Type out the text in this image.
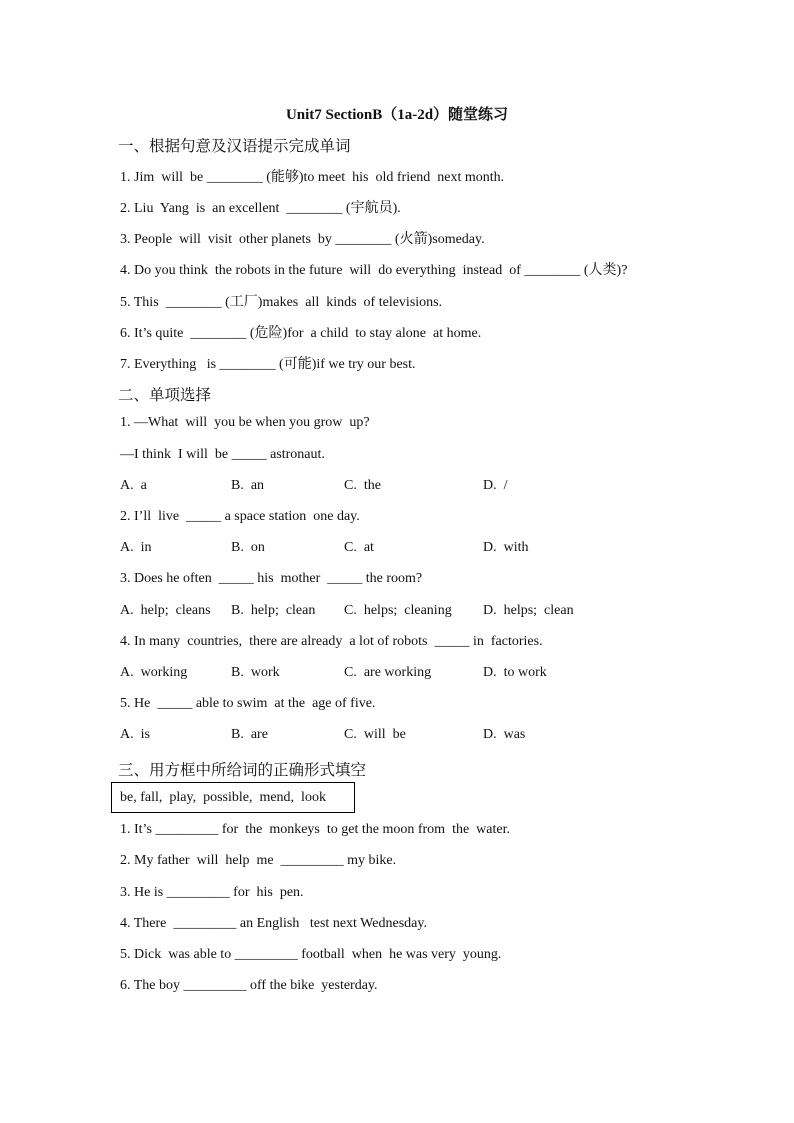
Unit7 SectionB（1a-2d）随堂练习
一、根据句意及汉语提示完成单词
1. Jim  will  be ________ (能够)to meet  his  old friend  next month.
2. Liu  Yang  is  an excellent  ________ (宇航员).
3. People  will  visit  other planets  by ________ (火箭)someday.
4. Do you think  the robots in the future  will  do everything  instead  of ________ (人类)?
5. This  ________ (工厂)makes  all  kinds  of televisions.
6. It’s quite  ________ (危险)for  a child  to stay alone  at home.
7. Everything   is ________ (可能)if we try our best.
二、单项选择
1. —What  will  you be when you grow  up?
—I think  I will  be _____ astronaut.
A.  a	B.  an	C.  the	D.  /
2. I’ll  live  _____ a space station  one day.
A.  in	B.  on	C.  at	D.  with
3. Does he often  _____ his  mother  _____ the room?
A.  help;  cleans B.  help;  clean C.  helps;  cleaning D.  helps;  clean
4. In many  countries,  there are already  a lot of robots  _____ in  factories.
A.  working	B.  work	C.  are working	D.  to work
5. He  _____ able to swim  at the  age of five.
A.  is	B.  are	C.  will  be	D.  was
三、用方框中所给词的正确形式填空
be, fall,  play,  possible,  mend,  look
1. It’s _________ for  the  monkeys  to get the moon from  the  water.
2. My father  will  help  me  _________ my bike.
3. He is _________ for  his  pen.
4. There  _________ an English   test next Wednesday.
5. Dick  was able to _________ football  when  he was very  young.
6. The boy _________ off the bike  yesterday.
